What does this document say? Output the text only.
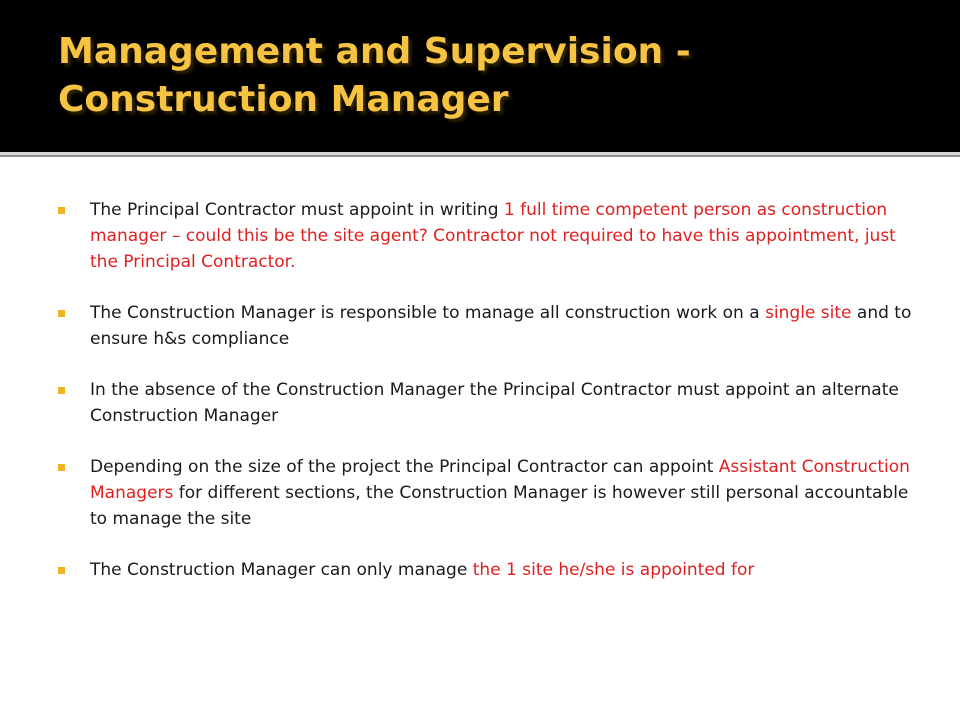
Management and Supervision -
Construction Manager
The Principal Contractor must appoint in writing 1 full time competent person as construction manager – could this be the site agent? Contractor not required to have this appointment, just the Principal Contractor.
The Construction Manager is responsible to manage all construction work on a single site and to ensure h&s compliance
In the absence of the Construction Manager the Principal Contractor must appoint an alternate Construction Manager
Depending on the size of the project the Principal Contractor can appoint Assistant Construction Managers for different sections, the Construction Manager is however still personal accountable to manage the site
The Construction Manager can only manage the 1 site he/she is appointed for
